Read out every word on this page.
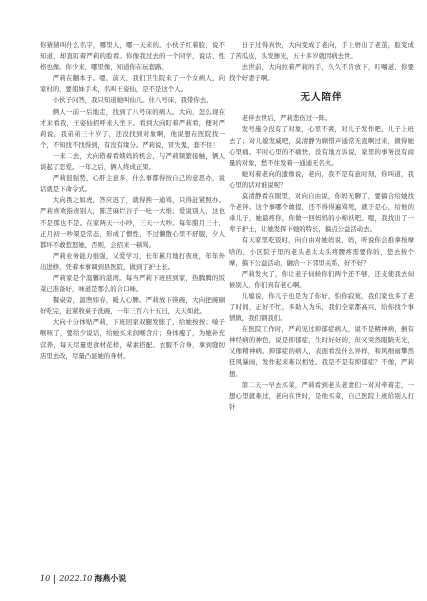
你猜猜叫什么名字，哪里人，哪一天来的。小伙子红着脸，说不知道，却直盯着严莉的脸看。你像我过去的一个同学，说话、性格也像。你少来，哪里像，知道你在玩套路。

严莉在翻本子。嗯，前天，我们卫生院来了一个女病人，向家村的，要姐妹手术，名叫王姿仙，是不是这个人。

小伙子问答，我只知道她叫仙儿。住八号床，我带你去。

俩人一前一后地走，找到了八号床的病人。大向，怎么现在才来看我，王姿仙招呼来人坐下。看到大向盯着严莉看，便对严莉说，我弟弟三十岁了，还没找到对象啊，他说想在医院找一个，不知找不找得到，有没有缘分。严莉说，冒失鬼，套不住！

一来二去，大向借着看姨妈的机会，与严莉频繁接触，俩人谈起了恋爱。一年之后，俩人终成正果。

严莉很强势，心肝主意多，什么事都得按自己的意思办，说话就是下命令式。

大向畏之如虎，答应迟了，就得挨一通骂，只得赶紧照办。严莉喜欢指责别人，陈芝麻烂谷子一吐一大堆；爱说别人，这也不是那也不是。在家两天一小吵，三天一大吵。每年腊月三十，正月初一吵架是常态，形成了惯性，不过懒散心里不舒服，夕人都坏不敢惹怒她，否则，会招来一顿骂。

严莉业务能力很强，又爱学习，长年累月地打夜班，年年外出进修，凭着本事调到县医院，做到了护士长。

严莉家是个温馨的港湾。每当严莉下班回到家，热腾腾的饭菜已准备好，味道是那么的合口味。

餐桌旁，温煦如春，暖人心脾。严莉放下筷碗，大向把碗刷好吃完，赶紧收桌子洗碗，一年三百六十五日，天天如此。

大向十分体贴严莉，下班回家双腿发胀了，给她按按；嗓子喉咳了，要给少说话，给她买来润喉含片；身体瘦了，为她补充营养，每天尽量更食材花样，荤素搭配。衣服不合身，拿到缝纫店里去改，尽量凸显她的身材。

日子过得真快，大向变成了老向，手上磨出了老茧，脸变成了苦瓜皮，头发掺光，五十多岁就因病去世。

去世前，大向拉着严莉的手，久久不肯放下，叮嘱道，你要找个好妻子啊。

无人陪伴

老伴去世后，严莉悲伤过一阵。

发号施令没有了对象，心里不爽，对儿子发作吧，儿子上班去了；对儿媳发威吧，莫清静为顾惜声通常无直啊过来，微得她心里痛。平时心里的不痛快，没有地方诉说，家里的事务没有商量的对象，愁不住发着一通通无名火。

她对着老向的遗像说，老向，我不是有意时刻，你叫道，我心里的话对谁说呢？

莫清静看在眼里，对向自由说，你妈无聊了，要搞合给她找个老伴。这个事哪个敢提，还不得得遍骂死，就于是心，给他的乖儿子，她最疼你，你做一回妈妈的小棉袄吧。嗯，我找出了一辈子护士，让她发挥下她的特长，搞点公益活动去。

有天家里吃饭时，向自由对她妈说，妈，听说你会推拿按摩啥的，小区院子里的老头老太太头疼腰疼需要你的，您去按个摩，搞下公益活动，融洽一下邻里关系，好不好？

严莉发火了，你让老子伺候你们两个还不够，还支使我去伺候别人，你们真有老心啊。

儿媳说，你儿子也是为了你好，怕你寂寞，我们家也多了老了时间，正好不忙，多助人为乐，我们全家都高兴，给你找个事情做，我们钢我们。

在医院工作时，严莉见过抑郁症病人，说不是精神病，倒有神经病的神色，说是抑郁症，生时好好的，但又突然眼睛无光，又像精神病。抑郁症的病人，表面看没什么异样，和风细雨攀然狂风暴雨，发作起来难以相处。我是不是有抑郁症？不像，严莉想。

第二天一早去买菜，严莉看到老头老妻们一对对牵着走，一想心里就难过，老向在世时，是他买菜，自己医院上班给别人打针

10 2022.10 海燕小说
